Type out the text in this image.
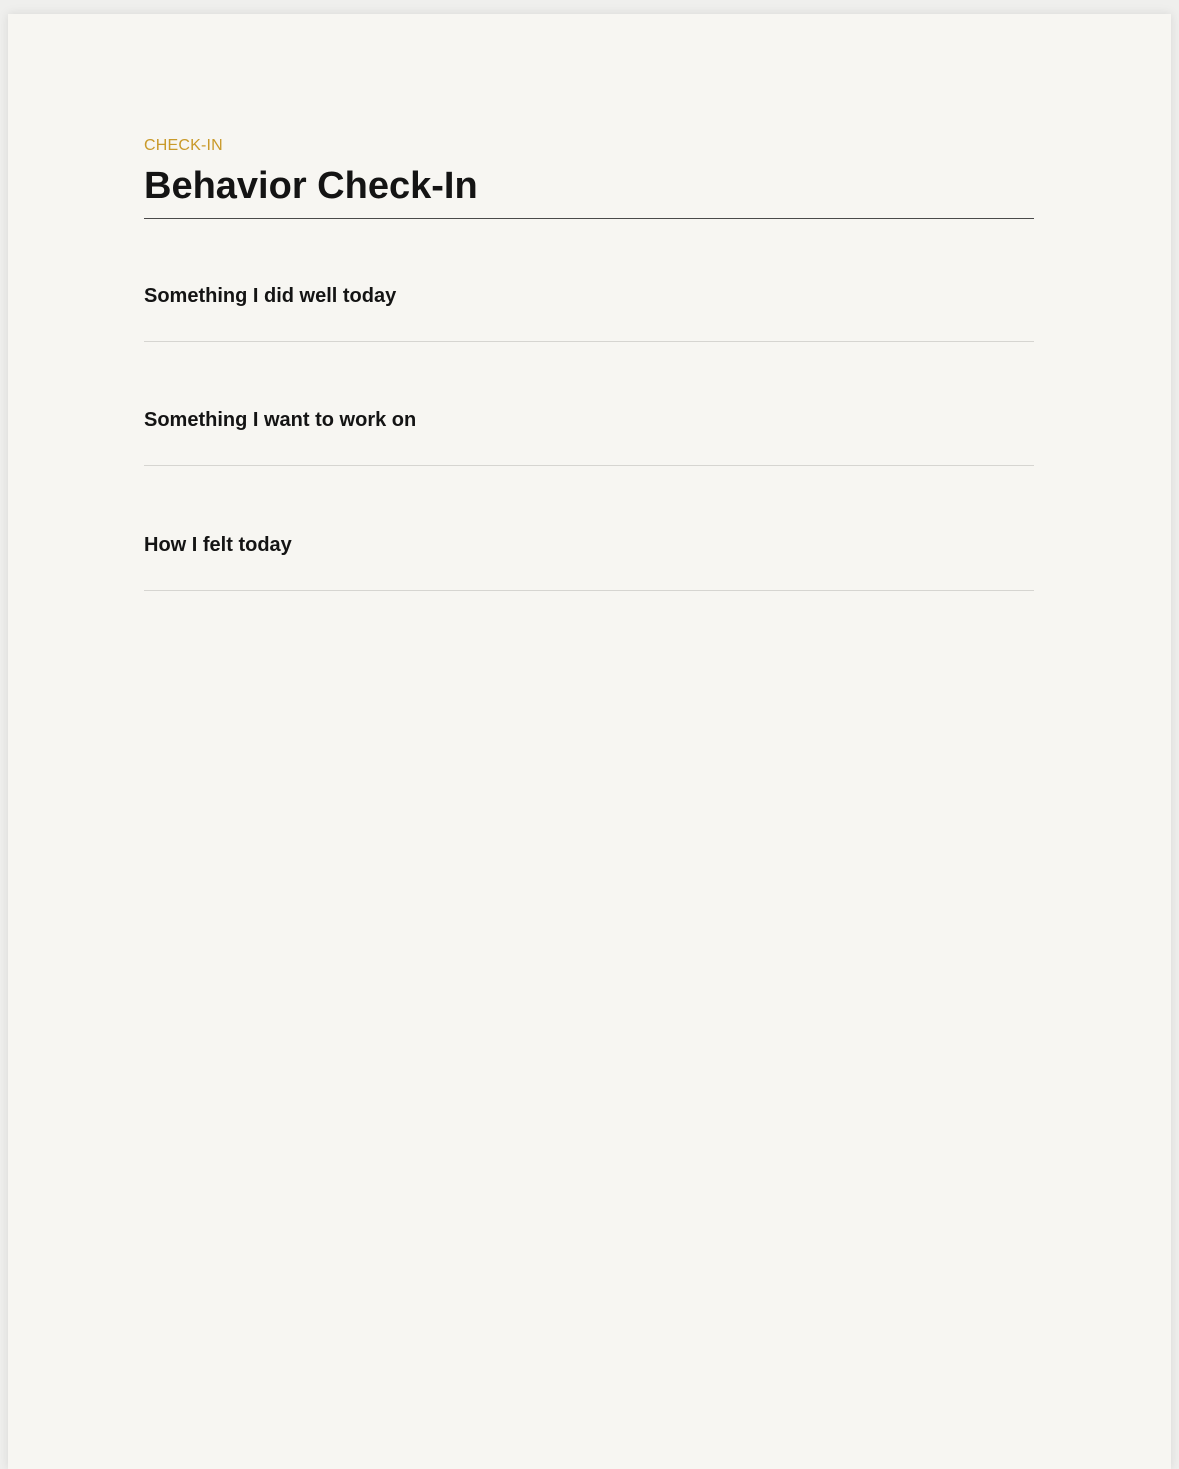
CHECK-IN
Behavior Check-In
Something I did well today
Something I want to work on
How I felt today
